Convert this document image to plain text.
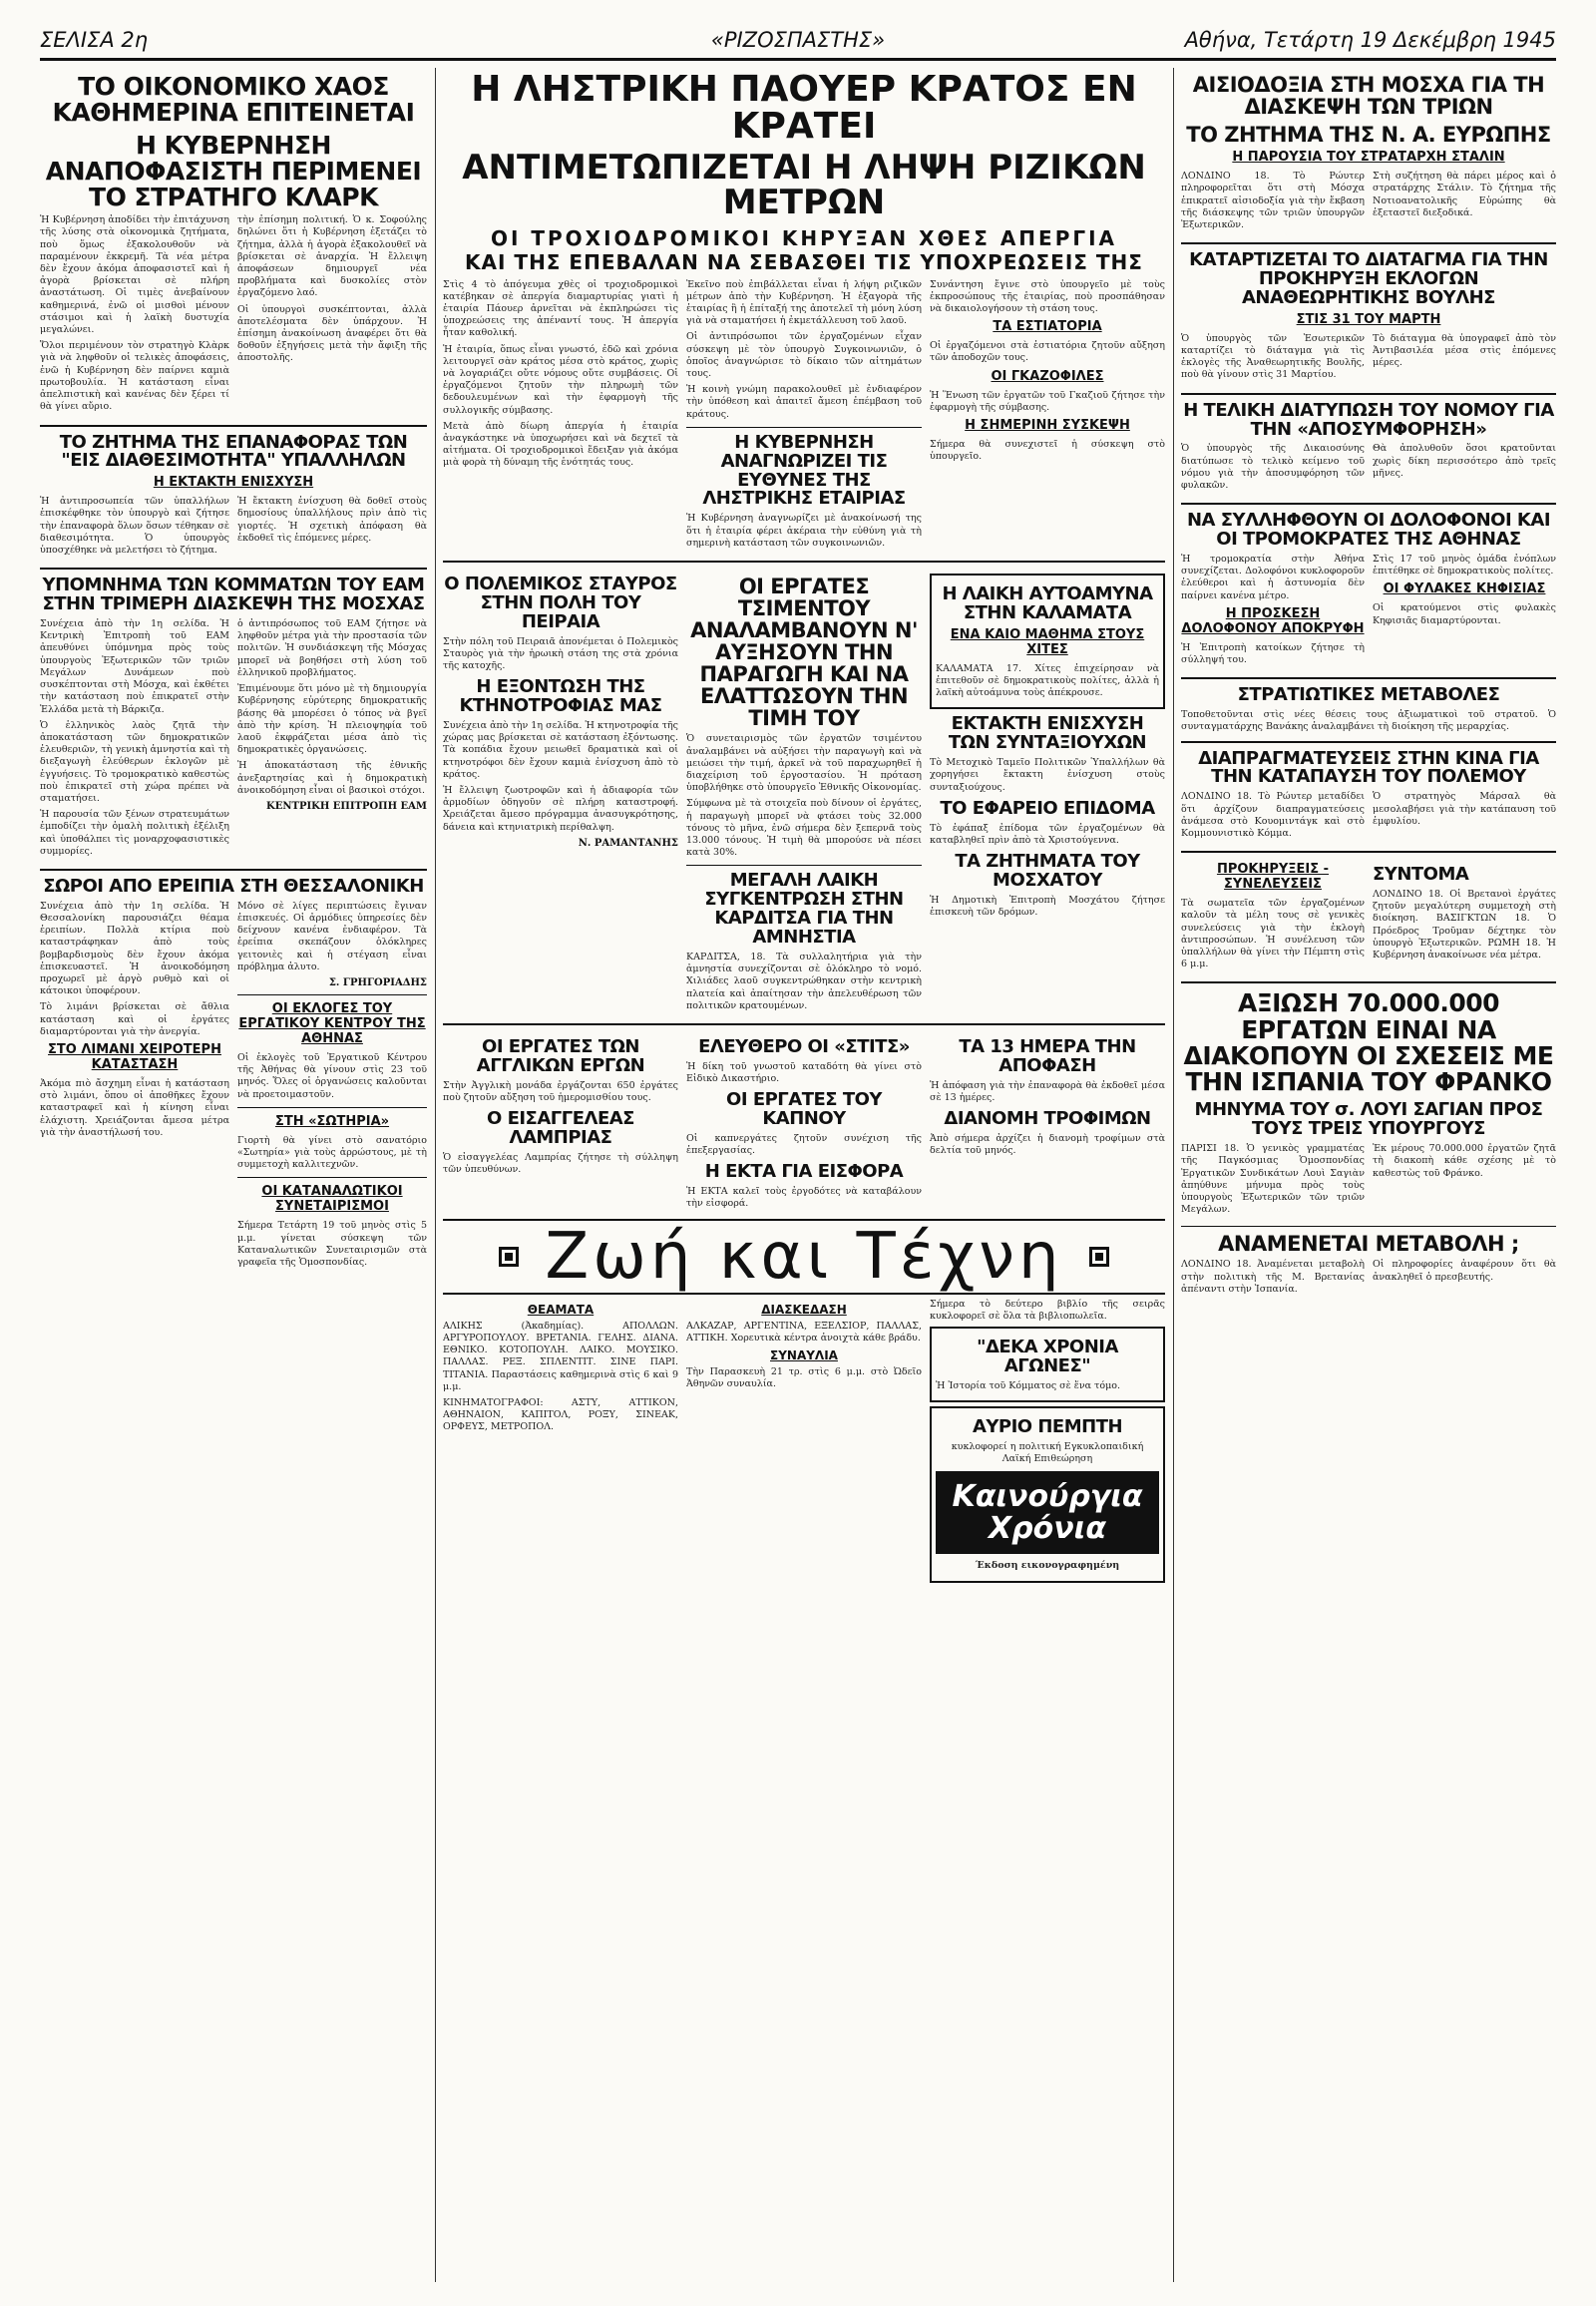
ΣΕΛΙΣΑ 2η	«ΡΙΖΟΣΠΑΣΤΗΣ»	Αθήνα, Τετάρτη 19 Δεκέμβρη 1945
ΤΟ ΟΙΚΟΝΟΜΙΚΟ ΧΑΟΣ ΚΑΘΗΜΕΡΙΝΑ ΕΠΙΤΕΙΝΕΤΑΙ
Η ΚΥΒΕΡΝΗΣΗ ΑΝΑΠΟΦΑΣΙΣΤΗ ΠΕΡΙΜΕΝΕΙ ΤΟ ΣΤΡΑΤΗΓΟ ΚΛΑΡΚ

Ἡ Κυβέρνηση ἀποδίδει τὴν ἐπιτάχυνση τῆς λύσης στὰ οἰκονομικὰ ζητήματα, ποὺ ὅμως ἐξακολουθοῦν νὰ παραμένουν ἐκκρεμῆ. Τὰ νέα μέτρα δὲν ἔχουν ἀκόμα ἀποφασιστεῖ καὶ ἡ ἀγορὰ βρίσκεται σὲ πλήρη ἀναστάτωση. Οἱ τιμὲς ἀνεβαίνουν καθημερινά, ἐνῶ οἱ μισθοὶ μένουν στάσιμοι καὶ ἡ λαϊκὴ δυστυχία μεγαλώνει.

Ὅλοι περιμένουν τὸν στρατηγὸ Κλὰρκ γιὰ νὰ ληφθοῦν οἱ τελικὲς ἀποφάσεις, ἐνῶ ἡ Κυβέρνηση δὲν παίρνει καμιὰ πρωτοβουλία. Ἡ κατάσταση εἶναι ἀπελπιστικὴ καὶ κανένας δὲν ξέρει τί θὰ γίνει αὔριο.

τὴν ἐπίσημη πολιτική. Ὁ κ. Σοφούλης δηλώνει ὅτι ἡ Κυβέρνηση ἐξετάζει τὸ ζήτημα, ἀλλὰ ἡ ἀγορὰ ἐξακολουθεῖ νὰ βρίσκεται σὲ ἀναρχία. Ἡ ἔλλειψη ἀποφάσεων δημιουργεῖ νέα προβλήματα καὶ δυσκολίες στὸν ἐργαζόμενο λαό.

Οἱ ὑπουργοὶ συσκέπτονται, ἀλλὰ ἀποτελέσματα δὲν ὑπάρχουν. Ἡ ἐπίσημη ἀνακοίνωση ἀναφέρει ὅτι θὰ δοθοῦν ἐξηγήσεις μετὰ τὴν ἄφιξη τῆς ἀποστολῆς.

ΤΟ ΖΗΤΗΜΑ ΤΗΣ ΕΠΑΝΑΦΟΡΑΣ ΤΩΝ "ΕΙΣ ΔΙΑΘΕΣΙΜΟΤΗΤΑ" ΥΠΑΛΛΗΛΩΝ
Η ΕΚΤΑΚΤΗ ΕΝΙΣΧΥΣΗ

Ἡ ἀντιπροσωπεία τῶν ὑπαλλήλων ἐπισκέφθηκε τὸν ὑπουργὸ καὶ ζήτησε τὴν ἐπαναφορὰ ὅλων ὅσων τέθηκαν σὲ διαθεσιμότητα. Ὁ ὑπουργὸς ὑποσχέθηκε νὰ μελετήσει τὸ ζήτημα.

Ἡ ἔκτακτη ἐνίσχυση θὰ δοθεῖ στοὺς δημοσίους ὑπαλλήλους πρὶν ἀπὸ τὶς γιορτές. Ἡ σχετικὴ ἀπόφαση θὰ ἐκδοθεῖ τὶς ἑπόμενες μέρες.

ΥΠΟΜΝΗΜΑ ΤΩΝ ΚΟΜΜΑΤΩΝ ΤΟΥ ΕΑΜ ΣΤΗΝ ΤΡΙΜΕΡΗ ΔΙΑΣΚΕΨΗ ΤΗΣ ΜΟΣΧΑΣ

Συνέχεια ἀπὸ τὴν 1η σελίδα. Ἡ Κεντρικὴ Ἐπιτροπὴ τοῦ ΕΑΜ ἀπευθύνει ὑπόμνημα πρὸς τοὺς ὑπουργοὺς Ἐξωτερικῶν τῶν τριῶν Μεγάλων Δυνάμεων ποὺ συσκέπτονται στὴ Μόσχα, καὶ ἐκθέτει τὴν κατάσταση ποὺ ἐπικρατεῖ στὴν Ἑλλάδα μετὰ τὴ Βάρκιζα.

Ὁ ἑλληνικὸς λαὸς ζητᾶ τὴν ἀποκατάσταση τῶν δημοκρατικῶν ἐλευθεριῶν, τὴ γενικὴ ἀμνηστία καὶ τὴ διεξαγωγὴ ἐλεύθερων ἐκλογῶν μὲ ἐγγυήσεις. Τὸ τρομοκρατικὸ καθεστὼς ποὺ ἐπικρατεῖ στὴ χώρα πρέπει νὰ σταματήσει.

Ἡ παρουσία τῶν ξένων στρατευμάτων ἐμποδίζει τὴν ὁμαλὴ πολιτικὴ ἐξέλιξη καὶ ὑποθάλπει τὶς μοναρχοφασιστικὲς συμμορίες.

ὁ ἀντιπρόσωπος τοῦ ΕΑΜ ζήτησε νὰ ληφθοῦν μέτρα γιὰ τὴν προστασία τῶν πολιτῶν. Ἡ συνδιάσκεψη τῆς Μόσχας μπορεῖ νὰ βοηθήσει στὴ λύση τοῦ ἑλληνικοῦ προβλήματος.

Ἐπιμένουμε ὅτι μόνο μὲ τὴ δημιουργία Κυβέρνησης εὐρύτερης δημοκρατικῆς βάσης θὰ μπορέσει ὁ τόπος νὰ βγεῖ ἀπὸ τὴν κρίση. Ἡ πλειοψηφία τοῦ λαοῦ ἐκφράζεται μέσα ἀπὸ τὶς δημοκρατικὲς ὀργανώσεις.

Ἡ ἀποκατάσταση τῆς ἐθνικῆς ἀνεξαρτησίας καὶ ἡ δημοκρατικὴ ἀνοικοδόμηση εἶναι οἱ βασικοὶ στόχοι.

ΚΕΝΤΡΙΚΗ ΕΠΙΤΡΟΠΗ ΕΑΜ
ΣΩΡΟΙ ΑΠΟ ΕΡΕΙΠΙΑ ΣΤΗ ΘΕΣΣΑΛΟΝΙΚΗ

Συνέχεια ἀπὸ τὴν 1η σελίδα. Ἡ Θεσσαλονίκη παρουσιάζει θέαμα ἐρειπίων. Πολλὰ κτίρια ποὺ καταστράφηκαν ἀπὸ τοὺς βομβαρδισμοὺς δὲν ἔχουν ἀκόμα ἐπισκευαστεῖ. Ἡ ἀνοικοδόμηση προχωρεῖ μὲ ἀργὸ ρυθμὸ καὶ οἱ κάτοικοι ὑποφέρουν.

Τὸ λιμάνι βρίσκεται σὲ ἄθλια κατάσταση καὶ οἱ ἐργάτες διαμαρτύρονται γιὰ τὴν ἀνεργία.

ΣΤΟ ΛΙΜΑΝΙ ΧΕΙΡΟΤΕΡΗ ΚΑΤΑΣΤΑΣΗ

Ἀκόμα πιὸ ἄσχημη εἶναι ἡ κατάσταση στὸ λιμάνι, ὅπου οἱ ἀποθῆκες ἔχουν καταστραφεῖ καὶ ἡ κίνηση εἶναι ἐλάχιστη. Χρειάζονται ἄμεσα μέτρα γιὰ τὴν ἀναστήλωσή του.

Μόνο σὲ λίγες περιπτώσεις ἔγιναν ἐπισκευές. Οἱ ἀρμόδιες ὑπηρεσίες δὲν δείχνουν κανένα ἐνδιαφέρον. Τὰ ἐρείπια σκεπάζουν ὁλόκληρες γειτονιὲς καὶ ἡ στέγαση εἶναι πρόβλημα ἀλυτο.

Σ. ΓΡΗΓΟΡΙΑΔΗΣ
ΟΙ ΕΚΛΟΓΕΣ ΤΟΥ ΕΡΓΑΤΙΚΟΥ ΚΕΝΤΡΟΥ ΤΗΣ ΑΘΗΝΑΣ

Οἱ ἐκλογὲς τοῦ Ἐργατικοῦ Κέντρου τῆς Ἀθήνας θὰ γίνουν στὶς 23 τοῦ μηνός. Ὅλες οἱ ὀργανώσεις καλοῦνται νὰ προετοιμαστοῦν.

ΣΤΗ «ΣΩΤΗΡΙΑ»

Γιορτὴ θὰ γίνει στὸ σανατόριο «Σωτηρία» γιὰ τοὺς ἀρρώστους, μὲ τὴ συμμετοχὴ καλλιτεχνῶν.

ΟΙ ΚΑΤΑΝΑΛΩΤΙΚΟΙ ΣΥΝΕΤΑΙΡΙΣΜΟΙ

Σήμερα Τετάρτη 19 τοῦ μηνὸς στὶς 5 μ.μ. γίνεται σύσκεψη τῶν Καταναλωτικῶν Συνεταιρισμῶν στὰ γραφεῖα τῆς Ὁμοσπονδίας.

Η ΛΗΣΤΡΙΚΗ ΠΑΟΥΕΡ ΚΡΑΤΟΣ ΕΝ ΚΡΑΤΕΙ
ΑΝΤΙΜΕΤΩΠΙΖΕΤΑΙ Η ΛΗΨΗ ΡΙΖΙΚΩΝ ΜΕΤΡΩΝ
ΟΙ ΤΡΟΧΙΟΔΡΟΜΙΚΟΙ ΚΗΡΥΞΑΝ ΧΘΕΣ ΑΠΕΡΓΙΑ
ΚΑΙ ΤΗΣ ΕΠΕΒΑΛΑΝ ΝΑ ΣΕΒΑΣΘΕΙ ΤΙΣ ΥΠΟΧΡΕΩΣΕΙΣ ΤΗΣ

Στὶς 4 τὸ ἀπόγευμα χθὲς οἱ τροχιοδρομικοὶ κατέβηκαν σὲ ἀπεργία διαμαρτυρίας γιατὶ ἡ ἑταιρία Πάουερ ἀρνεῖται νὰ ἐκπληρώσει τὶς ὑποχρεώσεις της ἀπέναντί τους. Ἡ ἀπεργία ἦταν καθολική.

Ἡ ἑταιρία, ὅπως εἶναι γνωστό, ἐδῶ καὶ χρόνια λειτουργεῖ σὰν κράτος μέσα στὸ κράτος, χωρὶς νὰ λογαριάζει οὔτε νόμους οὔτε συμβάσεις. Οἱ ἐργαζόμενοι ζητοῦν τὴν πληρωμὴ τῶν δεδουλευμένων καὶ τὴν ἐφαρμογὴ τῆς συλλογικῆς σύμβασης.

Μετὰ ἀπὸ δίωρη ἀπεργία ἡ ἑταιρία ἀναγκάστηκε νὰ ὑποχωρήσει καὶ νὰ δεχτεῖ τὰ αἰτήματα. Οἱ τροχιοδρομικοὶ ἔδειξαν γιὰ ἀκόμα μιὰ φορὰ τὴ δύναμη τῆς ἑνότητάς τους.

Ἐκεῖνο ποὺ ἐπιβάλλεται εἶναι ἡ λήψη ριζικῶν μέτρων ἀπὸ τὴν Κυβέρνηση. Ἡ ἐξαγορὰ τῆς ἑταιρίας ἢ ἡ ἐπίταξή της ἀποτελεῖ τὴ μόνη λύση γιὰ νὰ σταματήσει ἡ ἐκμετάλλευση τοῦ λαοῦ.

Οἱ ἀντιπρόσωποι τῶν ἐργαζομένων εἶχαν σύσκεψη μὲ τὸν ὑπουργὸ Συγκοινωνιῶν, ὁ ὁποῖος ἀναγνώρισε τὸ δίκαιο τῶν αἰτημάτων τους.

Ἡ κοινὴ γνώμη παρακολουθεῖ μὲ ἐνδιαφέρον τὴν ὑπόθεση καὶ ἀπαιτεῖ ἄμεση ἐπέμβαση τοῦ κράτους.

Η ΚΥΒΕΡΝΗΣΗ ΑΝΑΓΝΩΡΙΖΕΙ ΤΙΣ ΕΥΘΥΝΕΣ ΤΗΣ ΛΗΣΤΡΙΚΗΣ ΕΤΑΙΡΙΑΣ

Ἡ Κυβέρνηση ἀναγνωρίζει μὲ ἀνακοίνωσή της ὅτι ἡ ἑταιρία φέρει ἀκέραια τὴν εὐθύνη γιὰ τὴ σημερινὴ κατάσταση τῶν συγκοινωνιῶν.

Συνάντηση ἔγινε στὸ ὑπουργεῖο μὲ τοὺς ἐκπροσώπους τῆς ἑταιρίας, ποὺ προσπάθησαν νὰ δικαιολογήσουν τὴ στάση τους.

ΤΑ ΕΣΤΙΑΤΟΡΙΑ

Οἱ ἐργαζόμενοι στὰ ἑστιατόρια ζητοῦν αὔξηση τῶν ἀποδοχῶν τους.

ΟΙ ΓΚΑΖΟΦΙΛΕΣ

Ἡ Ἕνωση τῶν ἐργατῶν τοῦ Γκαζιοῦ ζήτησε τὴν ἐφαρμογὴ τῆς σύμβασης.

Η ΣΗΜΕΡΙΝΗ ΣΥΣΚΕΨΗ

Σήμερα θὰ συνεχιστεῖ ἡ σύσκεψη στὸ ὑπουργεῖο.

Ο ΠΟΛΕΜΙΚΟΣ ΣΤΑΥΡΟΣ ΣΤΗΝ ΠΟΛΗ ΤΟΥ ΠΕΙΡΑΙΑ

Στὴν πόλη τοῦ Πειραιᾶ ἀπονέμεται ὁ Πολεμικὸς Σταυρὸς γιὰ τὴν ἡρωικὴ στάση της στὰ χρόνια τῆς κατοχῆς.

Η ΕΞΟΝΤΩΣΗ ΤΗΣ ΚΤΗΝΟΤΡΟΦΙΑΣ ΜΑΣ

Συνέχεια ἀπὸ τὴν 1η σελίδα. Ἡ κτηνοτροφία τῆς χώρας μας βρίσκεται σὲ κατάσταση ἐξόντωσης. Τὰ κοπάδια ἔχουν μειωθεῖ δραματικὰ καὶ οἱ κτηνοτρόφοι δὲν ἔχουν καμιὰ ἐνίσχυση ἀπὸ τὸ κράτος.

Ἡ ἔλλειψη ζωοτροφῶν καὶ ἡ ἀδιαφορία τῶν ἀρμοδίων ὁδηγοῦν σὲ πλήρη καταστροφή. Χρειάζεται ἄμεσο πρόγραμμα ἀνασυγκρότησης, δάνεια καὶ κτηνιατρικὴ περίθαλψη.

Ν. ΡΑΜΑΝΤΑΝΗΣ
ΟΙ ΕΡΓΑΤΕΣ ΤΣΙΜΕΝΤΟΥ ΑΝΑΛΑΜΒΑΝΟΥΝ Ν' ΑΥΞΗΣΟΥΝ ΤΗΝ ΠΑΡΑΓΩΓΗ ΚΑΙ ΝΑ ΕΛΑΤΤΩΣΟΥΝ ΤΗΝ ΤΙΜΗ ΤΟΥ

Ὁ συνεταιρισμὸς τῶν ἐργατῶν τσιμέντου ἀναλαμβάνει νὰ αὐξήσει τὴν παραγωγὴ καὶ νὰ μειώσει τὴν τιμή, ἀρκεῖ νὰ τοῦ παραχωρηθεῖ ἡ διαχείριση τοῦ ἐργοστασίου. Ἡ πρόταση ὑποβλήθηκε στὸ ὑπουργεῖο Ἐθνικῆς Οἰκονομίας.

Σύμφωνα μὲ τὰ στοιχεῖα ποὺ δίνουν οἱ ἐργάτες, ἡ παραγωγὴ μπορεῖ νὰ φτάσει τοὺς 32.000 τόνους τὸ μῆνα, ἐνῶ σήμερα δὲν ξεπερνᾶ τοὺς 13.000 τόνους. Ἡ τιμὴ θὰ μπορούσε νὰ πέσει κατὰ 30%.

ΜΕΓΑΛΗ ΛΑΙΚΗ ΣΥΓΚΕΝΤΡΩΣΗ ΣΤΗΝ ΚΑΡΔΙΤΣΑ ΓΙΑ ΤΗΝ ΑΜΝΗΣΤΙΑ

ΚΑΡΔΙΤΣΑ, 18. Τὰ συλλαλητήρια γιὰ τὴν ἀμνηστία συνεχίζονται σὲ ὁλόκληρο τὸ νομό. Χιλιάδες λαοῦ συγκεντρώθηκαν στὴν κεντρικὴ πλατεία καὶ ἀπαίτησαν τὴν ἀπελευθέρωση τῶν πολιτικῶν κρατουμένων.

Η ΛΑΙΚΗ ΑΥΤΟΑΜΥΝΑ ΣΤΗΝ ΚΑΛΑΜΑΤΑ
ΕΝΑ ΚΑΙΟ ΜΑΘΗΜΑ ΣΤΟΥΣ ΧΙΤΕΣ

ΚΑΛΑΜΑΤΑ 17. Χίτες ἐπιχείρησαν νὰ ἐπιτεθοῦν σὲ δημοκρατικοὺς πολίτες, ἀλλὰ ἡ λαϊκὴ αὐτοάμυνα τοὺς ἀπέκρουσε.

ΕΚΤΑΚΤΗ ΕΝΙΣΧΥΣΗ ΤΩΝ ΣΥΝΤΑΞΙΟΥΧΩΝ

Τὸ Μετοχικὸ Ταμεῖο Πολιτικῶν Ὑπαλλήλων θὰ χορηγήσει ἔκτακτη ἐνίσχυση στοὺς συνταξιούχους.

ΤΟ ΕΦΑΡΕΙΟ ΕΠΙΔΟΜΑ

Τὸ ἐφάπαξ ἐπίδομα τῶν ἐργαζομένων θὰ καταβληθεῖ πρὶν ἀπὸ τὰ Χριστούγεννα.

ΤΑ ΖΗΤΗΜΑΤΑ ΤΟΥ ΜΟΣΧΑΤΟΥ

Ἡ Δημοτικὴ Ἐπιτροπὴ Μοσχάτου ζήτησε ἐπισκευὴ τῶν δρόμων.

ΟΙ ΕΡΓΑΤΕΣ ΤΩΝ ΑΓΓΛΙΚΩΝ ΕΡΓΩΝ

Στὴν Ἀγγλικὴ μονάδα ἐργάζονται 650 ἐργάτες ποὺ ζητοῦν αὔξηση τοῦ ἡμερομισθίου τους.

Ο ΕΙΣΑΓΓΕΛΕΑΣ ΛΑΜΠΡΙΑΣ

Ὁ εἰσαγγελέας Λαμπρίας ζήτησε τὴ σύλληψη τῶν ὑπευθύνων.

ΕΛΕΥΘΕΡΟ ΟΙ «ΣΤΙΤΣ»

Ἡ δίκη τοῦ γνωστοῦ καταδότη θὰ γίνει στὸ Εἰδικὸ Δικαστήριο.

ΟΙ ΕΡΓΑΤΕΣ ΤΟΥ ΚΑΠΝΟΥ

Οἱ καπνεργάτες ζητοῦν συνέχιση τῆς ἐπεξεργασίας.

Η ΕΚΤΑ ΓΙΑ ΕΙΣΦΟΡΑ

Ἡ ΕΚΤΑ καλεῖ τοὺς ἐργοδότες νὰ καταβάλουν τὴν εἰσφορά.

ΤΑ 13 ΗΜΕΡΑ ΤΗΝ ΑΠΟΦΑΣΗ

Ἡ ἀπόφαση γιὰ τὴν ἐπαναφορὰ θὰ ἐκδοθεῖ μέσα σὲ 13 ἡμέρες.

ΔΙΑΝΟΜΗ ΤΡΟΦΙΜΩΝ

Ἀπὸ σήμερα ἀρχίζει ἡ διανομὴ τροφίμων στὰ δελτία τοῦ μηνός.

Ζωή και Τέχνη
ΘΕΑΜΑΤΑ

ΑΛΙΚΗΣ (Ἀκαδημίας). ΑΠΟΛΛΩΝ. ΑΡΓΥΡΟΠΟΥΛΟΥ. ΒΡΕΤΑΝΙΑ. ΓΕΛΗΣ. ΔΙΑΝΑ. ΕΘΝΙΚΟ. ΚΟΤΟΠΟΥΛΗ. ΛΑΙΚΟ. ΜΟΥΣΙΚΟ. ΠΑΛΛΑΣ. ΡΕΞ. ΣΠΛΕΝΤΙΤ. ΣΙΝΕ ΠΑΡΙ. ΤΙΤΑΝΙΑ. Παραστάσεις καθημερινὰ στὶς 6 καὶ 9 μ.μ.

ΚΙΝΗΜΑΤΟΓΡΑΦΟΙ: ΑΣΤΥ, ΑΤΤΙΚΟΝ, ΑΘΗΝΑΙΟΝ, ΚΑΠΙΤΟΛ, ΡΟΞΥ, ΣΙΝΕΑΚ, ΟΡΦΕΥΣ, ΜΕΤΡΟΠΟΛ.

ΔΙΑΣΚΕΔΑΣΗ

ΑΛΚΑΖΑΡ, ΑΡΓΕΝΤΙΝΑ, ΕΞΕΛΣΙΟΡ, ΠΑΛΛΑΣ, ΑΤΤΙΚΗ. Χορευτικὰ κέντρα ἀνοιχτὰ κάθε βράδυ.

ΣΥΝΑΥΛΙΑ

Τὴν Παρασκευὴ 21 τρ. στὶς 6 μ.μ. στὸ Ὠδεῖο Ἀθηνῶν συναυλία.

Σήμερα τὸ δεύτερο βιβλίο τῆς σειρᾶς κυκλοφορεῖ σὲ ὅλα τὰ βιβλιοπωλεῖα.

"ΔΕΚΑ ΧΡΟΝΙΑ ΑΓΩΝΕΣ"

Ἡ Ἱστορία τοῦ Κόμματος σὲ ἕνα τόμο.

ΑΥΡΙΟ ΠΕΜΠΤΗ
κυκλοφορεί η πολιτική Εγκυκλοπαιδική Λαϊκή Επιθεώρηση
Καινούργια Χρόνια
Έκδοση εικονογραφημένη
ΑΙΣΙΟΔΟΞΙΑ ΣΤΗ ΜΟΣΧΑ ΓΙΑ ΤΗ ΔΙΑΣΚΕΨΗ ΤΩΝ ΤΡΙΩΝ
ΤΟ ΖΗΤΗΜΑ ΤΗΣ Ν. Α. ΕΥΡΩΠΗΣ
Η ΠΑΡΟΥΣΙΑ ΤΟΥ ΣΤΡΑΤΑΡΧΗ ΣΤΑΛΙΝ

ΛΟΝΔΙΝΟ 18. Τὸ Ρώυτερ πληροφορεῖται ὅτι στὴ Μόσχα ἐπικρατεῖ αἰσιοδοξία γιὰ τὴν ἔκβαση τῆς διάσκεψης τῶν τριῶν ὑπουργῶν Ἐξωτερικῶν.

Στὴ συζήτηση θὰ πάρει μέρος καὶ ὁ στρατάρχης Στάλιν. Τὸ ζήτημα τῆς Νοτιοανατολικῆς Εὐρώπης θὰ ἐξεταστεῖ διεξοδικά.

ΚΑΤΑΡΤΙΖΕΤΑΙ ΤΟ ΔΙΑΤΑΓΜΑ ΓΙΑ ΤΗΝ ΠΡΟΚΗΡΥΞΗ ΕΚΛΟΓΩΝ ΑΝΑΘΕΩΡΗΤΙΚΗΣ ΒΟΥΛΗΣ
ΣΤΙΣ 31 ΤΟΥ ΜΑΡΤΗ

Ὁ ὑπουργὸς τῶν Ἐσωτερικῶν καταρτίζει τὸ διάταγμα γιὰ τὶς ἐκλογὲς τῆς Ἀναθεωρητικῆς Βουλῆς, ποὺ θὰ γίνουν στὶς 31 Μαρτίου.

Τὸ διάταγμα θὰ ὑπογραφεῖ ἀπὸ τὸν Ἀντιβασιλέα μέσα στὶς ἑπόμενες μέρες.

Η ΤΕΛΙΚΗ ΔΙΑΤΥΠΩΣΗ ΤΟΥ ΝΟΜΟΥ ΓΙΑ ΤΗΝ «ΑΠΟΣΥΜΦΟΡΗΣΗ»

Ὁ ὑπουργὸς τῆς Δικαιοσύνης διατύπωσε τὸ τελικὸ κείμενο τοῦ νόμου γιὰ τὴν ἀποσυμφόρηση τῶν φυλακῶν.

Θὰ ἀπολυθοῦν ὅσοι κρατοῦνται χωρὶς δίκη περισσότερο ἀπὸ τρεῖς μῆνες.

ΝΑ ΣΥΛΛΗΦΘΟΥΝ ΟΙ ΔΟΛΟΦΟΝΟΙ ΚΑΙ ΟΙ ΤΡΟΜΟΚΡΑΤΕΣ ΤΗΣ ΑΘΗΝΑΣ

Ἡ τρομοκρατία στὴν Ἀθήνα συνεχίζεται. Δολοφόνοι κυκλοφοροῦν ἐλεύθεροι καὶ ἡ ἀστυνομία δὲν παίρνει κανένα μέτρο.

Η ΠΡΟΣΚΕΣΗ ΔΟΛΟΦΟΝΟΥ ΑΠΟΚΡΥΦΗ

Ἡ Ἐπιτροπὴ κατοίκων ζήτησε τὴ σύλληψή του.

Στὶς 17 τοῦ μηνὸς ὁμάδα ἐνόπλων ἐπιτέθηκε σὲ δημοκρατικοὺς πολίτες.

ΟΙ ΦΥΛΑΚΕΣ ΚΗΦΙΣΙΑΣ

Οἱ κρατούμενοι στὶς φυλακὲς Κηφισιᾶς διαμαρτύρονται.

ΣΤΡΑΤΙΩΤΙΚΕΣ ΜΕΤΑΒΟΛΕΣ

Τοποθετοῦνται στὶς νέες θέσεις τους ἀξιωματικοὶ τοῦ στρατοῦ. Ὁ συνταγματάρχης Βανάκης ἀναλαμβάνει τὴ διοίκηση τῆς μεραρχίας.

ΔΙΑΠΡΑΓΜΑΤΕΥΣΕΙΣ ΣΤΗΝ ΚΙΝΑ ΓΙΑ ΤΗΝ ΚΑΤΑΠΑΥΣΗ ΤΟΥ ΠΟΛΕΜΟΥ

ΛΟΝΔΙΝΟ 18. Τὸ Ρώυτερ μεταδίδει ὅτι ἀρχίζουν διαπραγματεύσεις ἀνάμεσα στὸ Κουομιντάγκ καὶ στὸ Κομμουνιστικὸ Κόμμα.

Ὁ στρατηγὸς Μάρσαλ θὰ μεσολαβήσει γιὰ τὴν κατάπαυση τοῦ ἐμφυλίου.

ΠΡΟΚΗΡΥΞΕΙΣ - ΣΥΝΕΛΕΥΣΕΙΣ

Τὰ σωματεῖα τῶν ἐργαζομένων καλοῦν τὰ μέλη τους σὲ γενικὲς συνελεύσεις γιὰ τὴν ἐκλογὴ ἀντιπροσώπων. Ἡ συνέλευση τῶν ὑπαλλήλων θὰ γίνει τὴν Πέμπτη στὶς 6 μ.μ.

ΣΥΝΤΟΜΑ

ΛΟΝΔΙΝΟ 18. Οἱ Βρετανοὶ ἐργάτες ζητοῦν μεγαλύτερη συμμετοχὴ στὴ διοίκηση. ΒΑΣΙΓΚΤΩΝ 18. Ὁ Πρόεδρος Τροῦμαν δέχτηκε τὸν ὑπουργὸ Ἐξωτερικῶν. ΡΩΜΗ 18. Ἡ Κυβέρνηση ἀνακοίνωσε νέα μέτρα.

ΑΞΙΩΣΗ 70.000.000 ΕΡΓΑΤΩΝ ΕΙΝΑΙ ΝΑ ΔΙΑΚΟΠΟΥΝ ΟΙ ΣΧΕΣΕΙΣ ΜΕ ΤΗΝ ΙΣΠΑΝΙΑ ΤΟΥ ΦΡΑΝΚΟ
ΜΗΝΥΜΑ ΤΟΥ σ. ΛΟΥΙ ΣΑΓΙΑΝ ΠΡΟΣ ΤΟΥΣ ΤΡΕΙΣ ΥΠΟΥΡΓΟΥΣ

ΠΑΡΙΣΙ 18. Ὁ γενικὸς γραμματέας τῆς Παγκόσμιας Ὁμοσπονδίας Ἐργατικῶν Συνδικάτων Λουὶ Σαγιὰν ἀπηύθυνε μήνυμα πρὸς τοὺς ὑπουργοὺς Ἐξωτερικῶν τῶν τριῶν Μεγάλων.

Ἐκ μέρους 70.000.000 ἐργατῶν ζητᾶ τὴ διακοπὴ κάθε σχέσης μὲ τὸ καθεστὼς τοῦ Φράνκο.

ΑΝΑΜΕΝΕΤΑΙ ΜΕΤΑΒΟΛΗ ;

ΛΟΝΔΙΝΟ 18. Ἀναμένεται μεταβολὴ στὴν πολιτικὴ τῆς Μ. Βρετανίας ἀπέναντι στὴν Ἰσπανία.

Οἱ πληροφορίες ἀναφέρουν ὅτι θὰ ἀνακληθεῖ ὁ πρεσβευτής.
